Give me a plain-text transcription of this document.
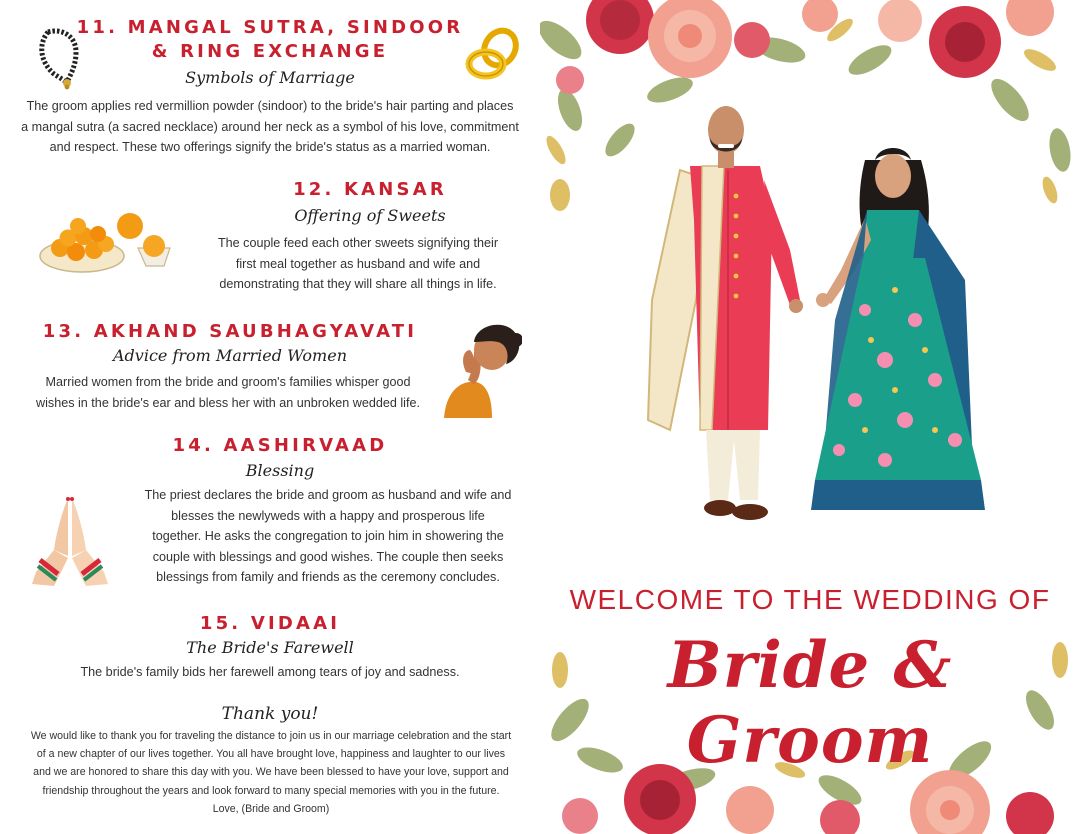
11. MANGAL SUTRA, SINDOOR
& RING EXCHANGE
Symbols of Marriage
The groom applies red vermillion powder (sindoor) to the bride's hair parting and places
a mangal sutra (a sacred necklace) around her neck as a symbol of his love, commitment
and respect. These two offerings signify the bride's status as a married woman.
12. KANSAR
Offering of Sweets
The couple feed each other sweets signifying their
first meal together as husband and wife and
demonstrating that they will share all things in life.
13. AKHAND SAUBHAGYAVATI
Advice from Married Women
Married women from the bride and groom's families whisper good
wishes in the bride's ear and bless her with an unbroken wedded life.
14. AASHIRVAAD
Blessing
The priest declares the bride and groom as husband and wife and
blesses the newlyweds with a happy and prosperous life
together. He asks the congregation to join him in showering the
couple with blessings and good wishes. The couple then seeks
blessings from family and friends as the ceremony concludes.
15. VIDAAI
The Bride's Farewell
The bride's family bids her farewell among tears of joy and sadness.
Thank you!
We would like to thank you for traveling the distance to join us in our marriage celebration and the start
of a new chapter of our lives together. You all have brought love, happiness and laughter to our lives
and we are honored to share this day with you. We have been blessed to have your love, support and
friendship throughout the years and look forward to many special memories with you in the future.
Love, (Bride and Groom)
WELCOME TO THE WEDDING OF
Bride & Groom
